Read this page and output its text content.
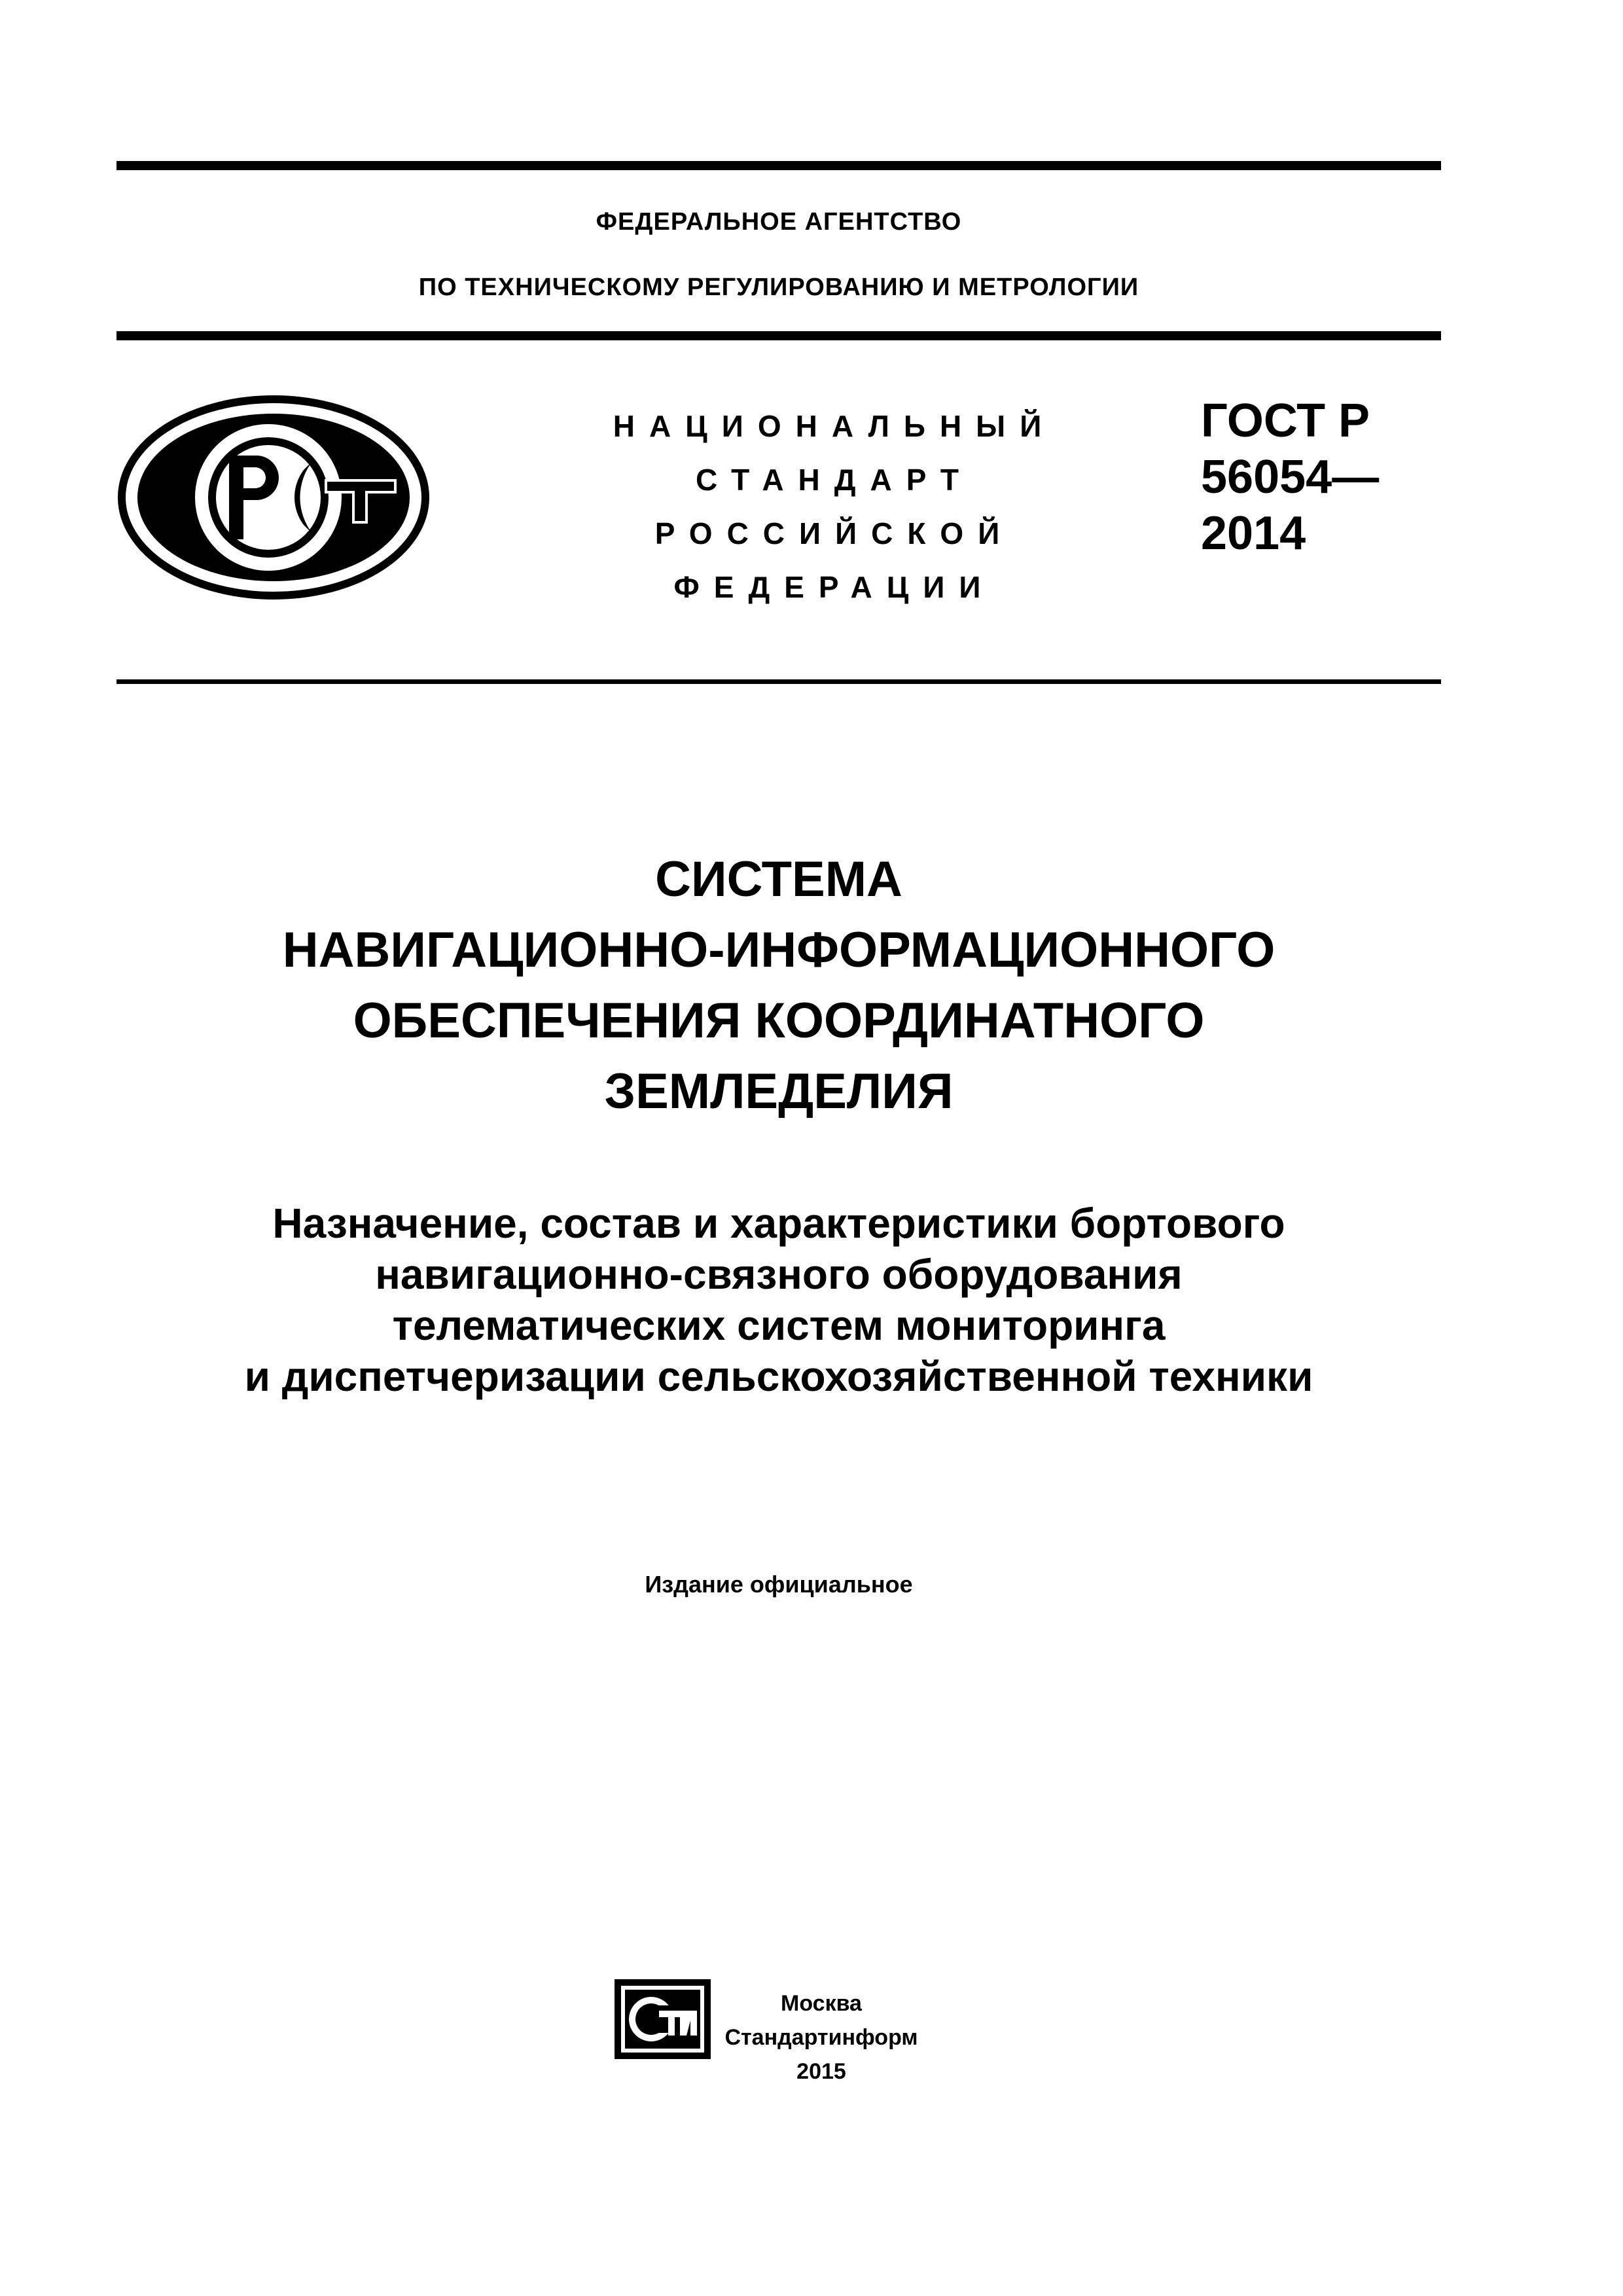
ФЕДЕРАЛЬНОЕ АГЕНТСТВО
ПО ТЕХНИЧЕСКОМУ РЕГУЛИРОВАНИЮ И МЕТРОЛОГИИ
НАЦИОНАЛЬНЫЙ
СТАНДАРТ
РОССИЙСКОЙ
ФЕДЕРАЦИИ
ГОСТ Р
56054—
2014
СИСТЕМА
НАВИГАЦИОННО-ИНФОРМАЦИОННОГО
ОБЕСПЕЧЕНИЯ КООРДИНАТНОГО
ЗЕМЛЕДЕЛИЯ
Назначение, состав и характеристики бортового
навигационно-связного оборудования
телематических систем мониторинга
и диспетчеризации сельскохозяйственной техники
Издание официальное
Москва
Стандартинформ
2015
